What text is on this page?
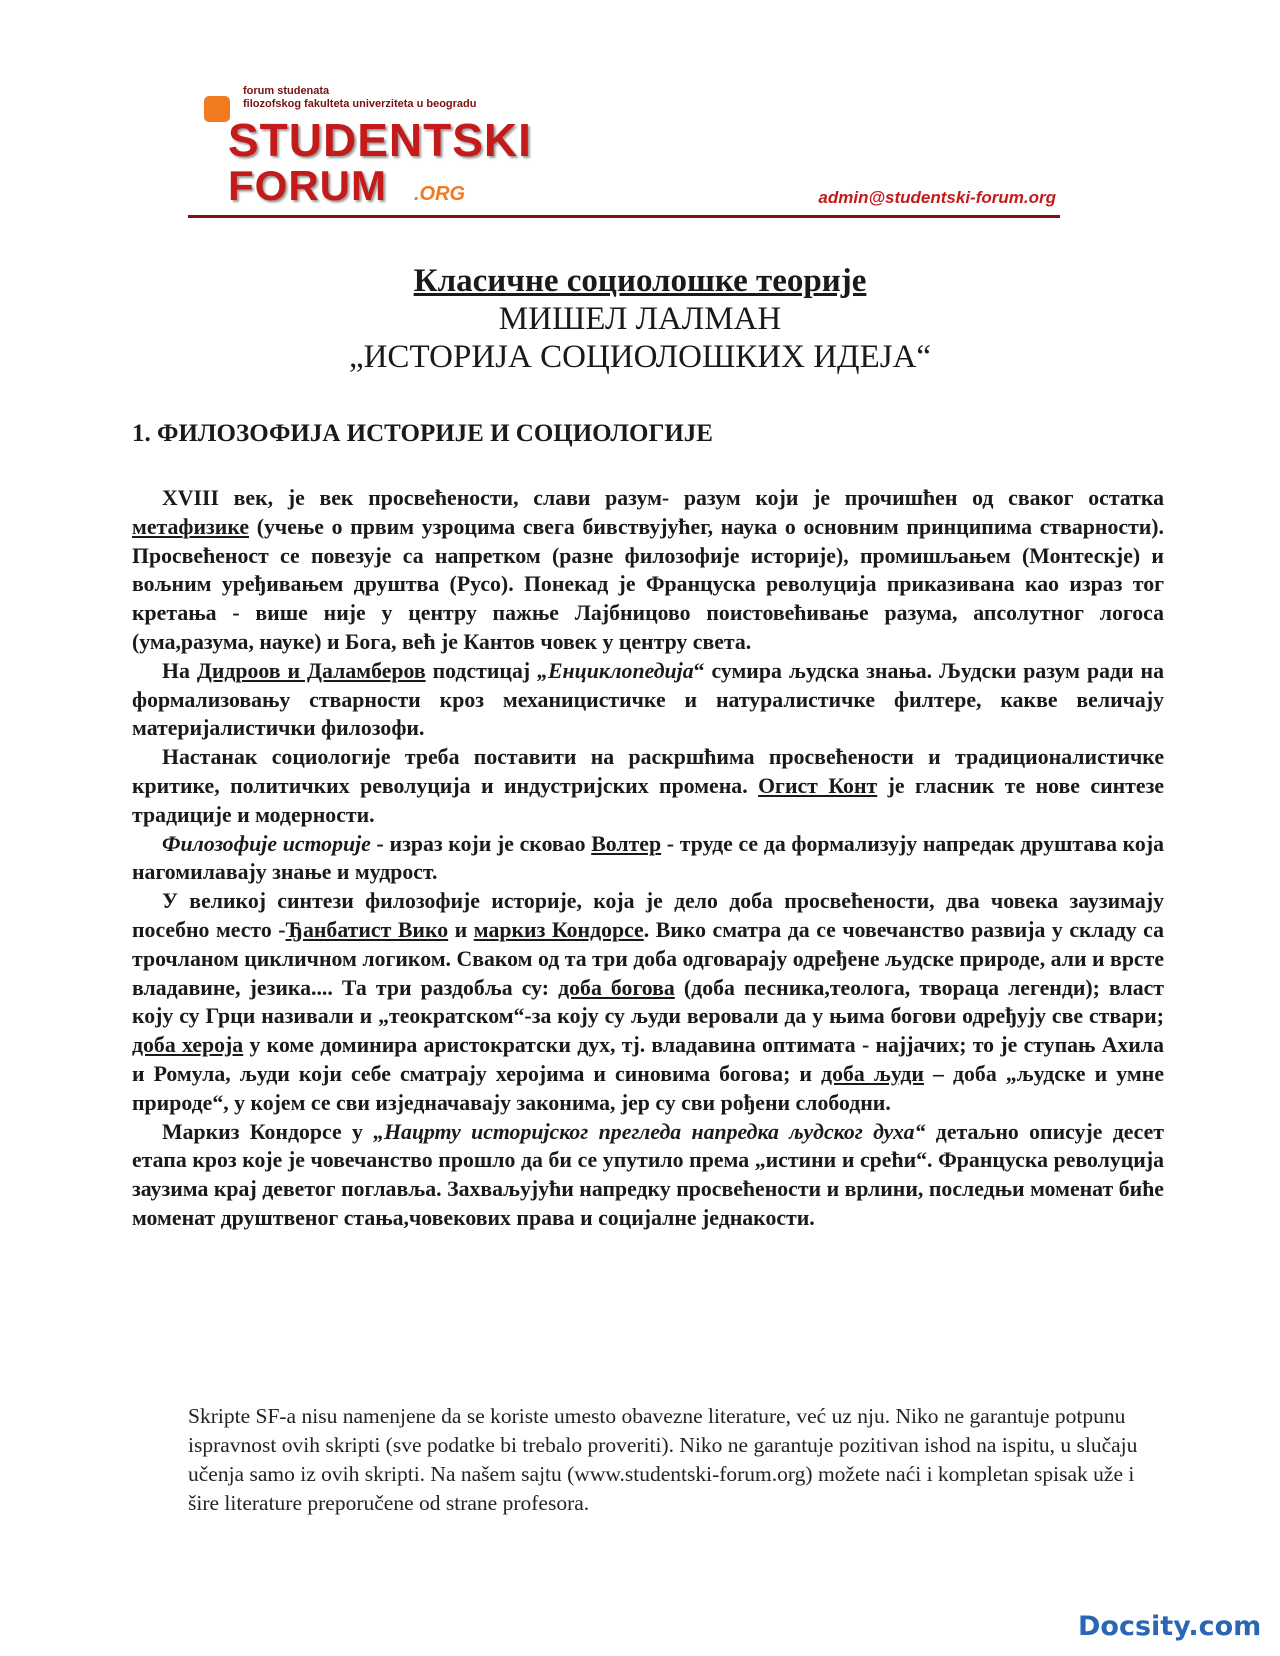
forum studenata
filozofskog fakulteta univerziteta u beogradu
STUDENTSKI
FORUM .ORG	admin@studentski-forum.org
Класичне социолошке теорије
МИШЕЛ ЛАЛМАН
„ИСТОРИЈА СОЦИОЛОШКИХ ИДЕЈА“
1. ФИЛОЗОФИЈА ИСТОРИЈЕ И СОЦИОЛОГИЈЕ

XVIII век, је век просвећености, слави разум- разум који је прочишћен од сваког остатка метафизике (учење о првим узроцима свега бивствујућег, наука о основним принципима стварности). Просвећеност се повезује са напретком (разне филозофије историје), промишљањем (Монтескје) и вољним уређивањем друштва (Русо). Понекад је Француска револуција приказивана као израз тог кретања - више није у центру пажње Лајбницово поистовећивање разума, апсолутног логоса (ума,разума, науке) и Бога, већ је Кантов човек у центру света.

На Дидроов и Даламберов подстицај „Енциклопедија“ сумира људска знања. Људски разум ради на формализовању стварности кроз механицистичке и натуралистичке филтере, какве величају материјалистички филозофи.

Настанак социологије треба поставити на раскршћима просвећености и традиционалистичке критике, политичких револуција и индустријских промена. Огист Конт је гласник те нове синтезе традиције и модерности.

Филозофије историје - израз који је сковао Волтер - труде се да формализују напредак друштава која нагомилавају знање и мудрост.

У великој синтези филозофије историје, која је дело доба просвећености, два човека заузимају посебно место -Ђанбатист Вико и маркиз Кондорсе. Вико сматра да се човечанство развија у складу са трочланом цикличном логиком. Сваком од та три доба одговарају одређене људске природе, али и врсте владавине, језика.... Та три раздобља су: доба богова (доба песника,теолога, твораца легенди); власт коју су Грци називали и „теократском“-за коју су људи веровали да у њима богови одређују све ствари; доба хероја у коме доминира аристократски дух, тј. владавина оптимата - најјачих; то је ступањ Ахила и Ромула, људи који себе сматрају херојима и синовима богова; и доба људи – доба „људске и умне природе“, у којем се сви изједначавају законима, јер су сви рођени слободни.

Маркиз Кондорсе у „Нацрту историјског прегледа напредка људског духа“ детаљно описује десет етапа кроз које је човечанство прошло да би се упутило према „истини и срећи“. Француска револуција заузима крај деветог поглавља. Захваљујући напредку просвећености и врлини, последњи моменат биће моменат друштвеног стања,човекових права и социјалне једнакости.

Skripte SF-a nisu namenjene da se koriste umesto obavezne literature, već uz nju. Niko ne garantuje potpunu ispravnost ovih skripti (sve podatke bi trebalo proveriti). Niko ne garantuje pozitivan ishod na ispitu, u slučaju učenja samo iz ovih skripti. Na našem sajtu (www.studentski-forum.org) možete naći i kompletan spisak uže i šire literature preporučene od strane profesora.
Docsity.com
